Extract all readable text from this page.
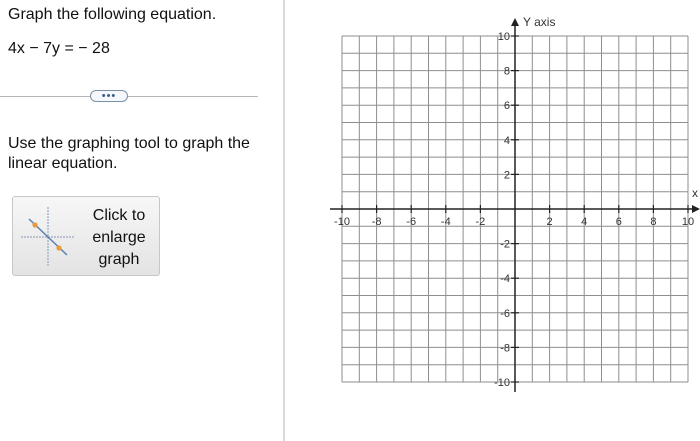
Graph the following equation.
4x − 7y = − 28
•••
Use the graphing tool to graph the linear equation.
Click to
enlarge
graph
-10 -8 -6 -4 -2	2	4	6	8 10
10
8
6
4
2
-2
-4
-6
-8
-10
x
Y axis
